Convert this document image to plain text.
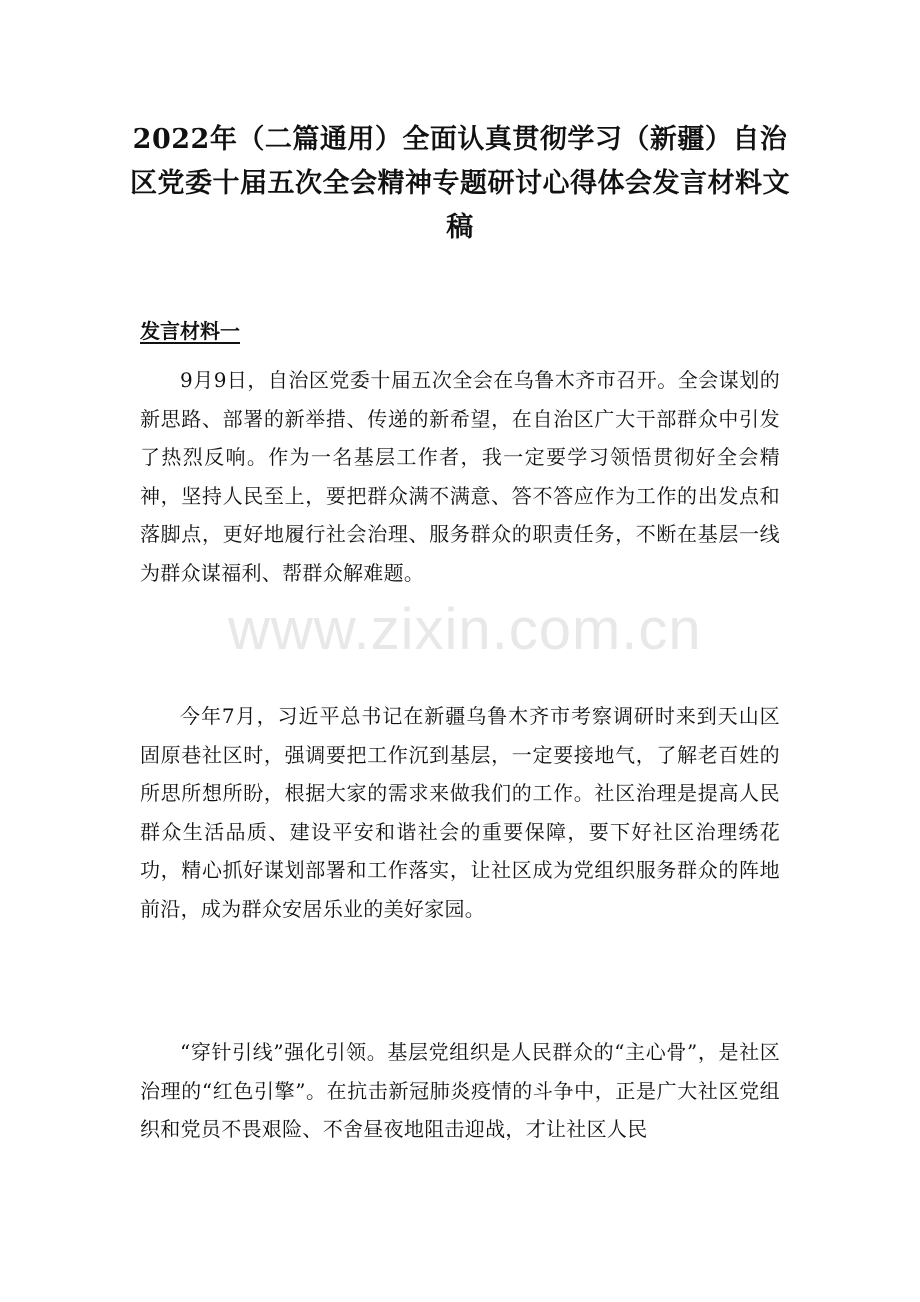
2022年（二篇通用）全面认真贯彻学习（新疆）自治区党委十届五次全会精神专题研讨心得体会发言材料文稿
发言材料一

9月9日，自治区党委十届五次全会在乌鲁木齐市召开。全会谋划的新思路、部署的新举措、传递的新希望，在自治区广大干部群众中引发了热烈反响。作为一名基层工作者，我一定要学习领悟贯彻好全会精神，坚持人民至上，要把群众满不满意、答不答应作为工作的出发点和落脚点，更好地履行社会治理、服务群众的职责任务，不断在基层一线为群众谋福利、帮群众解难题。

今年7月，习近平总书记在新疆乌鲁木齐市考察调研时来到天山区固原巷社区时，强调要把工作沉到基层，一定要接地气，了解老百姓的所思所想所盼，根据大家的需求来做我们的工作。社区治理是提高人民群众生活品质、建设平安和谐社会的重要保障，要下好社区治理绣花功，精心抓好谋划部署和工作落实，让社区成为党组织服务群众的阵地前沿，成为群众安居乐业的美好家园。

“穿针引线”强化引领。基层党组织是人民群众的“主心骨”，是社区治理的“红色引擎”。在抗击新冠肺炎疫情的斗争中，正是广大社区党组织和党员不畏艰险、不舍昼夜地阻击迎战，才让社区人民

www.zixin.com.cn
